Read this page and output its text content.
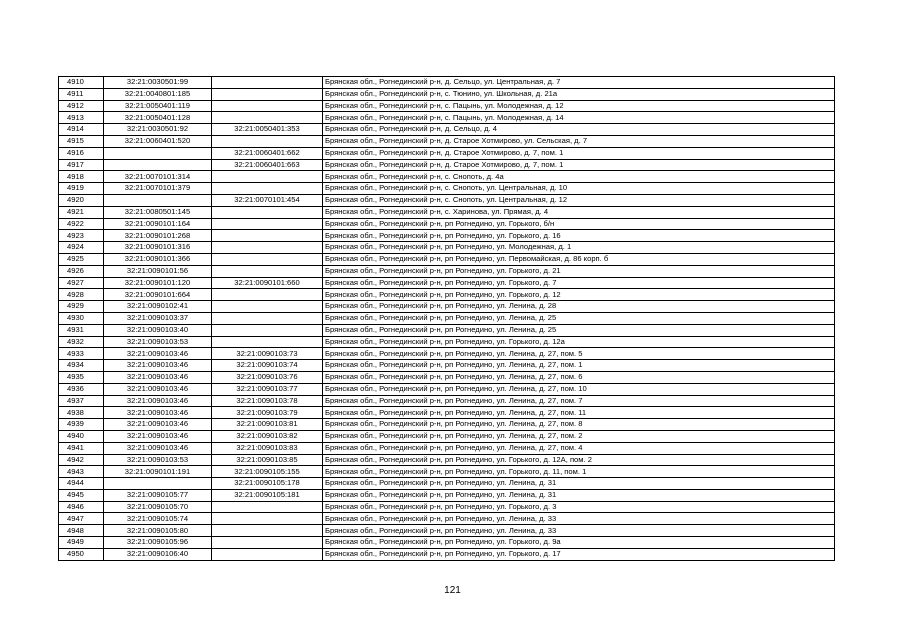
4910	32:21:0030501:99		Брянская обл., Рогнединский р-н, д. Сельцо, ул. Центральная, д. 7
4911	32:21:0040801:185		Брянская обл., Рогнединский р-н, с. Тюнино, ул. Школьная, д. 21а
4912	32:21:0050401:119		Брянская обл., Рогнединский р-н, с. Пацынь, ул. Молодежная, д. 12
4913	32:21:0050401:128		Брянская обл., Рогнединский р-н, с. Пацынь, ул. Молодежная, д. 14
4914	32:21:0030501:92	32:21:0050401:353	Брянская обл., Рогнединский р-н, д. Сельцо, д. 4
4915	32:21:0060401:520		Брянская обл., Рогнединский р-н, д. Старое Хотмирово, ул. Сельская, д. 7
4916		32:21:0060401:662	Брянская обл., Рогнединский р-н, д. Старое Хотмирово, д. 7, пом. 1
4917		32:21:0060401:663	Брянская обл., Рогнединский р-н, д. Старое Хотмирово, д. 7, пом. 1
4918	32:21:0070101:314		Брянская обл., Рогнединский р-н, с. Снопоть, д. 4а
4919	32:21:0070101:379		Брянская обл., Рогнединский р-н, с. Снопоть, ул. Центральная, д. 10
4920		32:21:0070101:454	Брянская обл., Рогнединский р-н, с. Снопоть, ул. Центральная, д. 12
4921	32:21:0080501:145		Брянская обл., Рогнединский р-н, с. Харинова, ул. Прямая, д. 4
4922	32:21:0090101:164		Брянская обл., Рогнединский р-н, рп Рогнедино, ул. Горького, б/н
4923	32:21:0090101:268		Брянская обл., Рогнединский р-н, рп Рогнедино, ул. Горького, д. 16
4924	32:21:0090101:316		Брянская обл., Рогнединский р-н, рп Рогнедино, ул. Молодежная, д. 1
4925	32:21:0090101:366		Брянская обл., Рогнединский р-н, рп Рогнедино, ул. Первомайская, д. 86 корп. б
4926	32:21:0090101:56		Брянская обл., Рогнединский р-н, рп Рогнедино, ул. Горького, д. 21
4927	32:21:0090101:120	32:21:0090101:660	Брянская обл., Рогнединский р-н, рп Рогнедино, ул. Горького, д. 7
4928	32:21:0090101:664		Брянская обл., Рогнединский р-н, рп Рогнедино, ул. Горького, д. 12
4929	32:21:0090102:41		Брянская обл., Рогнединский р-н, рп Рогнедино, ул. Ленина, д. 28
4930	32:21:0090103:37		Брянская обл., Рогнединский р-н, рп Рогнедино, ул. Ленина, д. 25
4931	32:21:0090103:40		Брянская обл., Рогнединский р-н, рп Рогнедино, ул. Ленина, д. 25
4932	32:21:0090103:53		Брянская обл., Рогнединский р-н, рп Рогнедино, ул. Горького, д. 12а
4933	32:21:0090103:46	32:21:0090103:73	Брянская обл., Рогнединский р-н, рп Рогнедино, ул. Ленина, д. 27, пом. 5
4934	32:21:0090103:46	32:21:0090103:74	Брянская обл., Рогнединский р-н, рп Рогнедино, ул. Ленина, д. 27, пом. 1
4935	32:21:0090103:46	32:21:0090103:76	Брянская обл., Рогнединский р-н, рп Рогнедино, ул. Ленина, д. 27, пом. 6
4936	32:21:0090103:46	32:21:0090103:77	Брянская обл., Рогнединский р-н, рп Рогнедино, ул. Ленина, д. 27, пом. 10
4937	32:21:0090103:46	32:21:0090103:78	Брянская обл., Рогнединский р-н, рп Рогнедино, ул. Ленина, д. 27, пом. 7
4938	32:21:0090103:46	32:21:0090103:79	Брянская обл., Рогнединский р-н, рп Рогнедино, ул. Ленина, д. 27, пом. 11
4939	32:21:0090103:46	32:21:0090103:81	Брянская обл., Рогнединский р-н, рп Рогнедино, ул. Ленина, д. 27, пом. 8
4940	32:21:0090103:46	32:21:0090103:82	Брянская обл., Рогнединский р-н, рп Рогнедино, ул. Ленина, д. 27, пом. 2
4941	32:21:0090103:46	32:21:0090103:83	Брянская обл., Рогнединский р-н, рп Рогнедино, ул. Ленина, д. 27, пом. 4
4942	32:21:0090103:53	32:21:0090103:85	Брянская обл., Рогнединский р-н, рп Рогнедино, ул. Горького, д. 12А, пом. 2
4943	32:21:0090101:191	32:21:0090105:155	Брянская обл., Рогнединский р-н, рп Рогнедино, ул. Горького, д. 11, пом. 1
4944		32:21:0090105:178	Брянская обл., Рогнединский р-н, рп Рогнедино, ул. Ленина, д. 31
4945	32:21:0090105:77	32:21:0090105:181	Брянская обл., Рогнединский р-н, рп Рогнедино, ул. Ленина, д. 31
4946	32:21:0090105:70		Брянская обл., Рогнединский р-н, рп Рогнедино, ул. Горького, д. 3
4947	32:21:0090105:74		Брянская обл., Рогнединский р-н, рп Рогнедино, ул. Ленина, д. 33
4948	32:21:0090105:80		Брянская обл., Рогнединский р-н, рп Рогнедино, ул. Ленина, д. 33
4949	32:21:0090105:96		Брянская обл., Рогнединский р-н, рп Рогнедино, ул. Горького, д. 9а
4950	32:21:0090106:40		Брянская обл., Рогнединский р-н, рп Рогнедино, ул. Горького, д. 17
121
